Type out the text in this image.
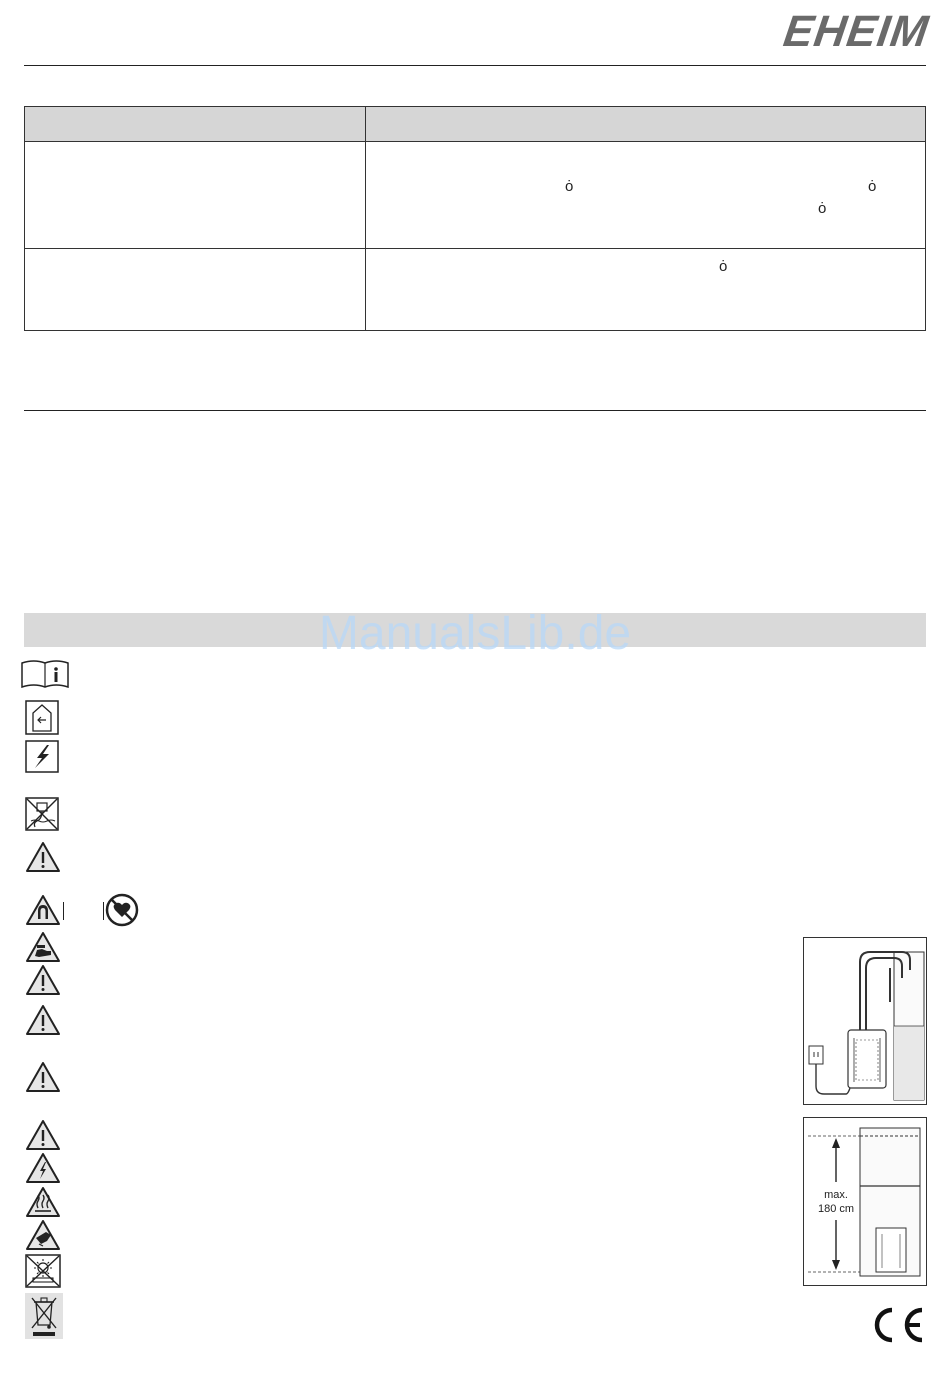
EHEIM
ȯ	ȯ
ȯ
ȯ
ManualsLib.de
max.
180 cm
